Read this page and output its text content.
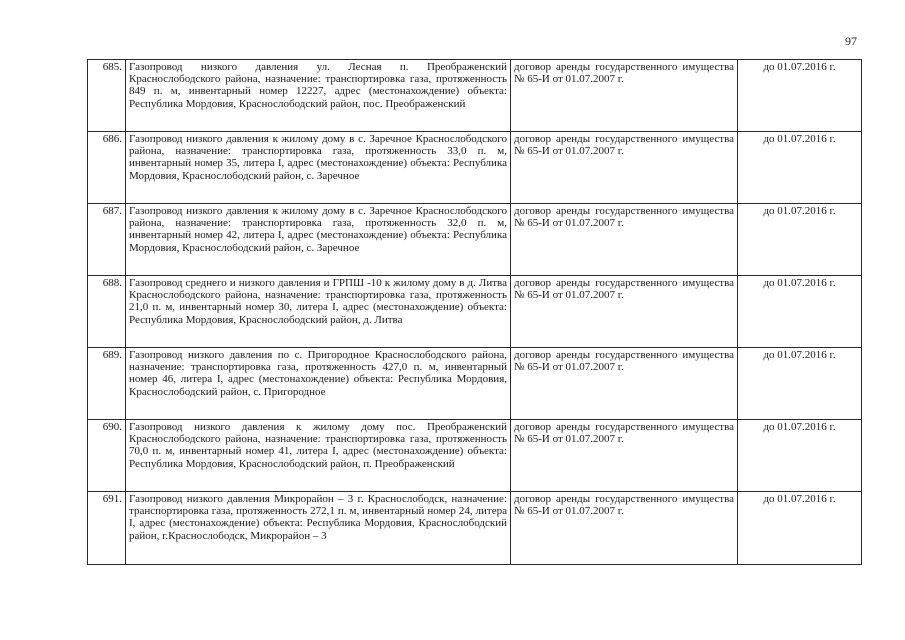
97
685.	Газопровод низкого давления ул. Лесная п. Преображенский Краснослободского района, назначение: транспортировка газа, протяженность 849 п. м, инвентарный номер 12227, адрес (местонахождение) объекта: Республика Мордовия, Краснослободский район, пос. Преображенский	договор аренды государственного имущества № 65-И от 01.07.2007 г.	до 01.07.2016 г.
686.	Газопровод низкого давления к жилому дому в с. Заречное Краснослободского района, назначение: транспортировка газа, протяженность 33,0 п. м, инвентарный номер 35, литера I, адрес (местонахождение) объекта: Республика Мордовия, Краснослободский район, с. Заречное	договор аренды государственного имущества № 65-И от 01.07.2007 г.	до 01.07.2016 г.
687.	Газопровод низкого давления к жилому дому в с. Заречное Краснослободского района, назначение: транспортировка газа, протяженность 32,0 п. м, инвентарный номер 42, литера I, адрес (местонахождение) объекта: Республика Мордовия, Краснослободский район, с. Заречное	договор аренды государственного имущества № 65-И от 01.07.2007 г.	до 01.07.2016 г.
688.	Газопровод среднего и низкого давления и ГРПШ -10 к жилому дому в д. Литва Краснослободского района, назначение: транспортировка газа, протяженность 21,0 п. м, инвентарный номер 30, литера I, адрес (местонахождение) объекта: Республика Мордовия, Краснослободский район, д. Литва	договор аренды государственного имущества № 65-И от 01.07.2007 г.	до 01.07.2016 г.
689.	Газопровод низкого давления по с. Пригородное Краснослободского района, назначение: транспортировка газа, протяженность 427,0 п. м, инвентарный номер 46, литера I, адрес (местонахождение) объекта: Республика Мордовия, Краснослободский район, с. Пригородное	договор аренды государственного имущества № 65-И от 01.07.2007 г.	до 01.07.2016 г.
690.	Газопровод низкого давления к жилому дому пос. Преображенский Краснослободского района, назначение: транспортировка газа, протяженность 70,0 п. м, инвентарный номер 41, литера I, адрес (местонахождение) объекта: Республика Мордовия, Краснослободский район, п. Преображенский	договор аренды государственного имущества № 65-И от 01.07.2007 г.	до 01.07.2016 г.
691.	Газопровод низкого давления Микрорайон – 3 г. Краснослободск, назначение: транспортировка газа, протяженность 272,1 п. м, инвентарный номер 24, литера I, адрес (местонахождение) объекта: Республика Мордовия, Краснослободский район, г.Краснослободск, Микрорайон – 3	договор аренды государственного имущества № 65-И от 01.07.2007 г.	до 01.07.2016 г.
